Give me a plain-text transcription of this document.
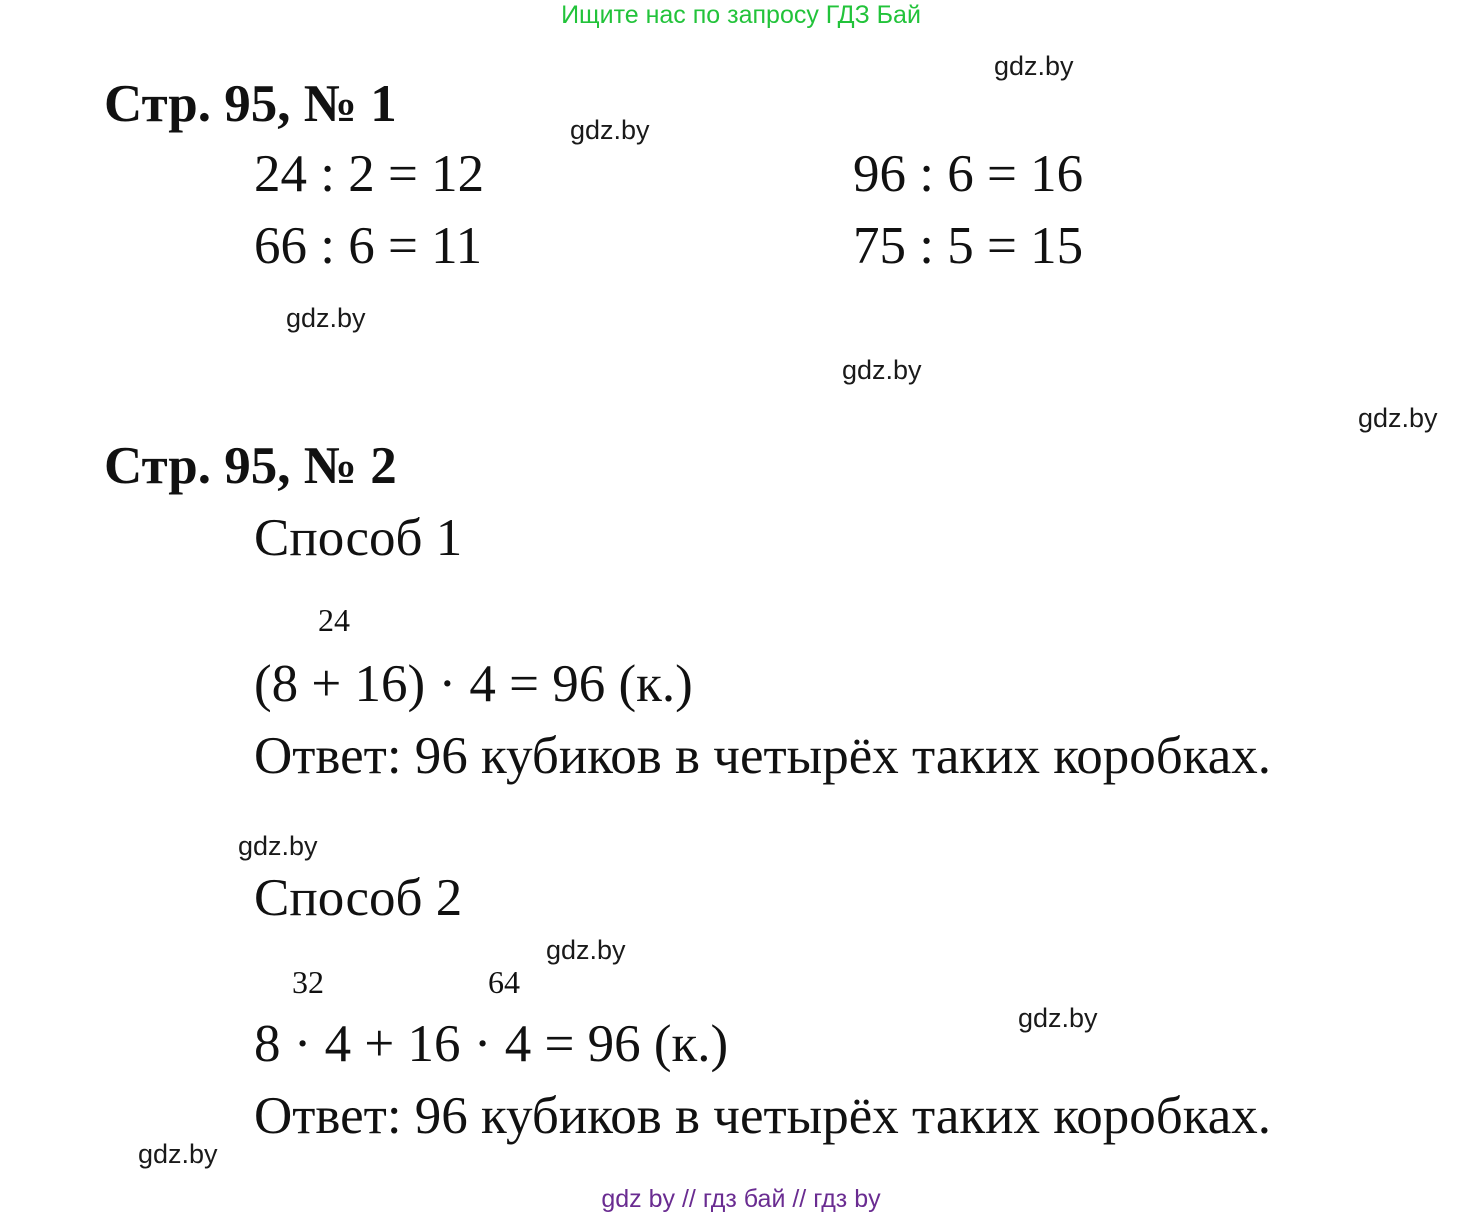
Ищите нас по запросу ГДЗ Бай
Стр. 95, № 1
24 : 2 = 12
66 : 6 = 11
96 : 6 = 16
75 : 5 = 15
Стр. 95, № 2
Способ 1
24
(8 + 16) · 4 = 96 (к.)
Ответ: 96 кубиков в четырёх таких коробках.
Способ 2
32	64
8 · 4 + 16 · 4 = 96 (к.)
Ответ: 96 кубиков в четырёх таких коробках.
gdz.by
gdz.by
gdz.by
gdz.by
gdz.by
gdz.by
gdz.by
gdz.by
gdz.by
gdz by // гдз бай // гдз by
